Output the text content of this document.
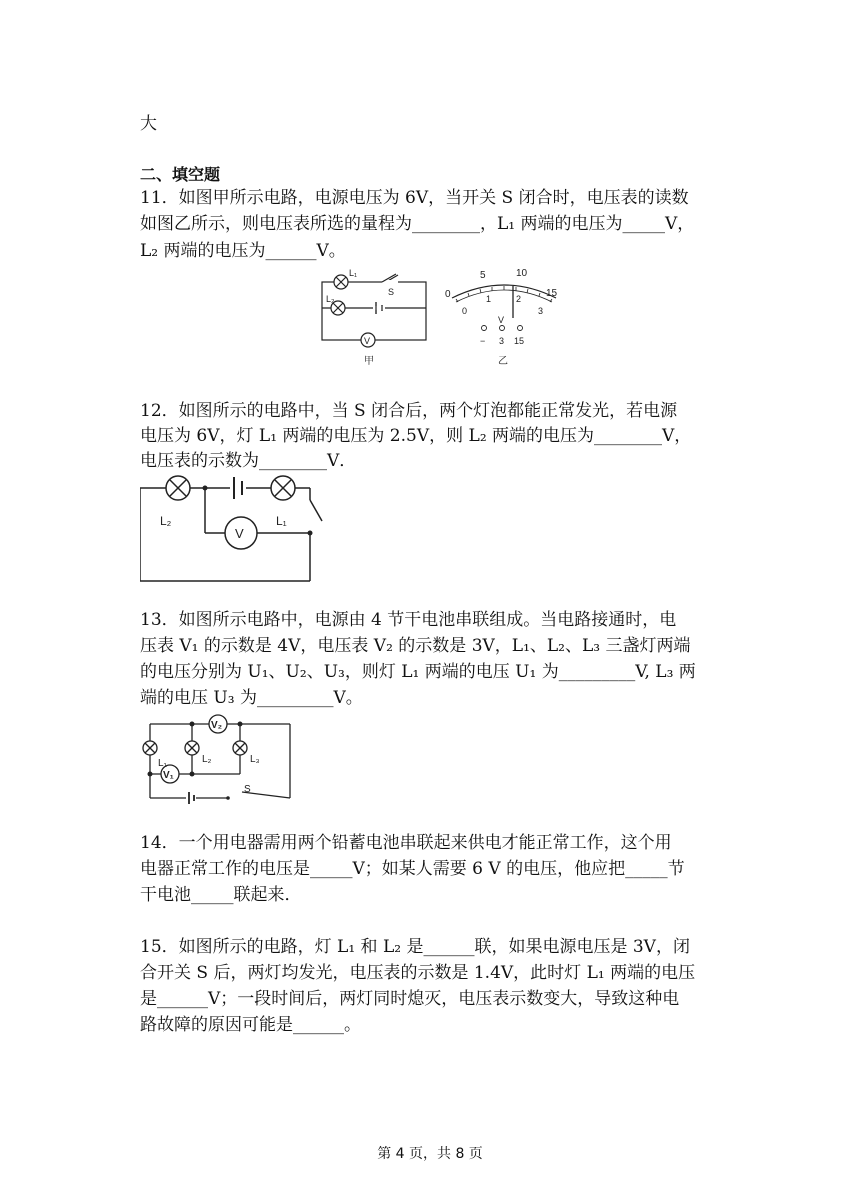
大
二、填空题
11．如图甲所示电路，电源电压为 6V，当开关 S 闭合时，电压表的读数
如图乙所示，则电压表所选的量程为________，L₁ 两端的电压为_____V，
L₂ 两端的电压为______V。
L₁
L₂
S
V
甲
0
5	10
15
0
1	2
3
V
− 3 15
乙
12．如图所示的电路中，当 S 闭合后，两个灯泡都能正常发光，若电源
电压为 6V，灯 L₁ 两端的电压为 2.5V，则 L₂ 两端的电压为________V，
电压表的示数为________V．
L₂	L₁
V
13．如图所示电路中，电源由 4 节干电池串联组成。当电路接通时，电
压表 V₁ 的示数是 4V，电压表 V₂ 的示数是 3V，L₁、L₂、L₃ 三盏灯两端
的电压分别为 U₁、U₂、U₃，则灯 L₁ 两端的电压 U₁ 为_________V, L₃ 两
端的电压 U₃ 为_________V。
V₂
V₁
L₁	L₂	L₃
S
14．一个用电器需用两个铅蓄电池串联起来供电才能正常工作，这个用
电器正常工作的电压是_____V；如某人需要 6 V 的电压，他应把_____节
干电池_____联起来．
15．如图所示的电路，灯 L₁ 和 L₂ 是______联，如果电源电压是 3V，闭
合开关 S 后，两灯均发光，电压表的示数是 1.4V，此时灯 L₁ 两端的电压
是______V；一段时间后，两灯同时熄灭，电压表示数变大，导致这种电
路故障的原因可能是______。
第 4 页，共 8 页
